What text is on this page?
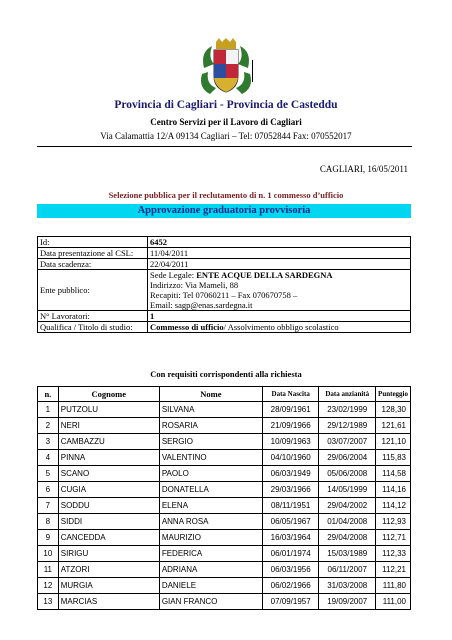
Provincia di Cagliari - Provincia de Casteddu
Centro Servizi per il Lavoro di Cagliari
Via Calamattia 12/A 09134 Cagliari – Tel: 07052844 Fax: 070552017
CAGLIARI, 16/05/2011
Selezione pubblica per il reclutamento di n. 1 commesso d’ufficio
Approvazione graduatoria provvisoria
Id:	6452
Data presentazione al CSL:	11/04/2011
Data scadenza:	22/04/2011
Ente pubblico:	Sede Legale: ENTE ACQUE DELLA SARDEGNA
Indirizzo: Via Mameli, 88
Recapiti: Tel 07060211 – Fax 070670758 –
Email: sagp@enas.sardegna.it

N° Lavoratori:	1
Qualifica / Titolo di studio:	Commesso di ufficio/ Assolvimento obbligo scolastico
Con requisiti corrispondenti alla richiesta
n.	Cognome	Nome	Data Nascita	Data anzianità	Punteggio
1	PUTZOLU	SILVANA	28/09/1961	23/02/1999	128,30
2	NERI	ROSARIA	21/09/1966	29/12/1989	121,61
3	CAMBAZZU	SERGIO	10/09/1963	03/07/2007	121,10
4	PINNA	VALENTINO	04/10/1960	29/06/2004	115,83
5	SCANO	PAOLO	06/03/1949	05/06/2008	114,58
6	CUGIA	DONATELLA	29/03/1966	14/05/1999	114,16
7	SODDU	ELENA	08/11/1951	29/04/2002	114,12
8	SIDDI	ANNA ROSA	06/05/1967	01/04/2008	112,93
9	CANCEDDA	MAURIZIO	16/03/1964	29/04/2008	112,71
10	SIRIGU	FEDERICA	06/01/1974	15/03/1989	112,33
11	ATZORI	ADRIANA	06/03/1956	06/11/2007	112,21
12	MURGIA	DANIELE	06/02/1966	31/03/2008	111,80
13	MARCIAS	GIAN FRANCO	07/09/1957	19/09/2007	111,00
